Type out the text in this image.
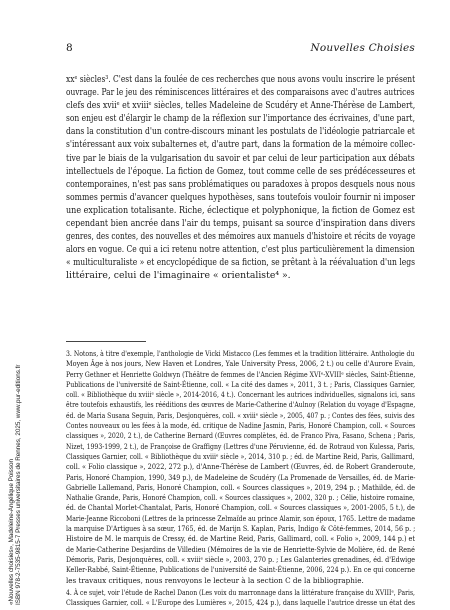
8	Nouvelles Choisies

xxᵉ siècles³. C'est dans la foulée de ces recherches que nous avons voulu inscrire le présent
ouvrage. Par le jeu des réminiscences littéraires et des comparaisons avec d'autres autrices
clefs des xviiᵉ et xviiiᵉ siècles, telles Madeleine de Scudéry et Anne-Thérèse de Lambert,
son enjeu est d'élargir le champ de la réflexion sur l'importance des écrivaines, d'une part,
dans la constitution d'un contre-discours minant les postulats de l'idéologie patriarcale et
s'intéressant aux voix subalternes et, d'autre part, dans la formation de la mémoire collec-
tive par le biais de la vulgarisation du savoir et par celui de leur participation aux débats
intellectuels de l'époque. La fiction de Gomez, tout comme celle de ses prédécesseures et
contemporaines, n'est pas sans problématiques ou paradoxes à propos desquels nous nous
sommes permis d'avancer quelques hypothèses, sans toutefois vouloir fournir ni imposer
une explication totalisante. Riche, éclectique et polyphonique, la fiction de Gomez est
cependant bien ancrée dans l'air du temps, puisant sa source d'inspiration dans divers
genres, des contes, des nouvelles et des mémoires aux manuels d'histoire et récits de voyage
alors en vogue. Ce qui a ici retenu notre attention, c'est plus particulièrement la dimension
« multiculturaliste » et encyclopédique de sa fiction, se prêtant à la réévaluation d'un legs
littéraire, celui de l'imaginaire « orientaliste⁴ ».

3. Notons, à titre d'exemple, l'anthologie de Vicki Mistacco (Les femmes et la tradition littéraire. Anthologie du
Moyen Âge à nos jours, New Haven et Londres, Yale University Press, 2006, 2 t.) ou celle d'Aurore Evain,
Perry Gethner et Henriette Goldwyn (Théâtre de femmes de l'Ancien Régime XVIᵉ-XVIIIᵉ siècles, Saint-Étienne,
Publications de l'université de Saint-Étienne, coll. « La cité des dames », 2011, 3 t. ; Paris, Classiques Garnier,
coll. « Bibliothèque du xviiiᵉ siècle », 2014-2016, 4 t.). Concernant les autrices individuelles, signalons ici, sans
être toutefois exhaustifs, les rééditions des œuvres de Marie-Catherine d'Aulnoy (Relation du voyage d'Espagne,
éd. de Maria Susana Seguin, Paris, Desjonquères, coll. « xviiiᵉ siècle », 2005, 407 p. ; Contes des fées, suivis des
Contes nouveaux ou les fées à la mode, éd. critique de Nadine Jasmin, Paris, Honoré Champion, coll. « Sources
classiques », 2020, 2 t.), de Catherine Bernard (Œuvres complètes, éd. de Franco Piva, Fasano, Schena ; Paris,
Nizet, 1993-1999, 2 t.), de Françoise de Graffigny (Lettres d'une Péruvienne, éd. de Rotraud von Kulessa, Paris,
Classiques Garnier, coll. « Bibliothèque du xviiiᵉ siècle », 2014, 310 p. ; éd. de Martine Reid, Paris, Gallimard,
coll. « Folio classique », 2022, 272 p.), d'Anne-Thérèse de Lambert (Œuvres, éd. de Robert Granderoute,
Paris, Honoré Champion, 1990, 349 p.), de Madeleine de Scudéry (La Promenade de Versailles, éd. de Marie-
Gabrielle Lallemand, Paris, Honoré Champion, coll. « Sources classiques », 2019, 294 p. ; Mathilde, éd. de
Nathalie Grande, Paris, Honoré Champion, coll. « Sources classiques », 2002, 320 p. ; Célie, histoire romaine,
éd. de Chantal Morlet-Chantalat, Paris, Honoré Champion, coll. « Sources classiques », 2001-2005, 5 t.), de
Marie-Jeanne Riccoboni (Lettres de la princesse Zelmaïde au prince Alamir, son époux, 1765. Lettre de madame
la marquise D'Artigues à sa sœur, 1765, éd. de Marijn S. Kaplan, Paris, Indigo & Côté-femmes, 2014, 56 p. ;
Histoire de M. le marquis de Cressy, éd. de Martine Reid, Paris, Gallimard, coll. « Folio », 2009, 144 p.) et
de Marie-Catherine Desjardins de Villedieu (Mémoires de la vie de Henriette-Sylvie de Molière, éd. de René
Démoris, Paris, Desjonquères, coll. « xviiiᵉ siècle », 2003, 270 p. ; Les Galanteries grenadines, éd. d'Edwige
Keller-Rabbé, Saint-Étienne, Publications de l'université de Saint-Étienne, 2006, 224 p.). En ce qui concerne
les travaux critiques, nous renvoyons le lecteur à la section C de la bibliographie.
4. À ce sujet, voir l'étude de Rachel Danon (Les voix du marronnage dans la littérature française du XVIIIᵉ, Paris,
Classiques Garnier, coll. « L'Europe des Lumières », 2015, 424 p.), dans laquelle l'autrice dresse un état des
«Nouvelles choisies», Madeleine-Angélique Poisson ISBN 978-2-7535-9815-7 Presses universitaires de Rennes, 2025, www.pur-editions.fr
